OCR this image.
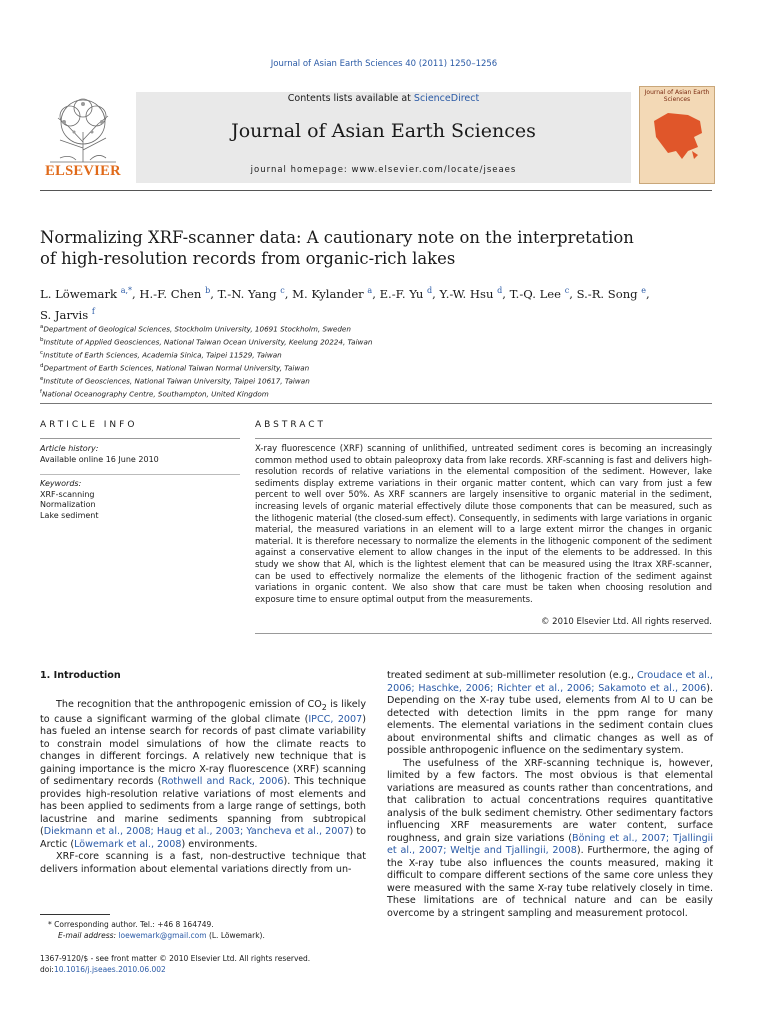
Journal of Asian Earth Sciences 40 (2011) 1250–1256
ELSEVIER
Contents lists available at ScienceDirect
Journal of Asian Earth Sciences
journal homepage: www.elsevier.com/locate/jseaes
Journal of Asian Earth Sciences
Normalizing XRF-scanner data: A cautionary note on the interpretation
of high-resolution records from organic-rich lakes
L. Löwemark $^{a,*}$, H.-F. Chen $^b$, T.-N. Yang $^c$, M. Kylander $^a$, E.-F. Yu $^d$, Y.-W. Hsu $^d$, T.-Q. Lee $^c$, S.-R. Song $^e$,
S. Jarvis $^f$
$^a$Department of Geological Sciences, Stockholm University, 10691 Stockholm, Sweden
$^b$Institute of Applied Geosciences, National Taiwan Ocean University, Keelung 20224, Taiwan
$^c$Institute of Earth Sciences, Academia Sinica, Taipei 11529, Taiwan
$^d$Department of Earth Sciences, National Taiwan Normal University, Taiwan
$^e$Institute of Geosciences, National Taiwan University, Taipei 10617, Taiwan
$^f$National Oceanography Centre, Southampton, United Kingdom
ARTICLE INFO	ABSTRACT
Article history:
Available online 16 June 2010
Keywords:
XRF-scanning
Normalization
Lake sediment
X-ray fluorescence (XRF) scanning of unlithified, untreated sediment cores is becoming an increasingly common method used to obtain paleoproxy data from lake records. XRF-scanning is fast and delivers high-resolution records of relative variations in the elemental composition of the sediment. However, lake sediments display extreme variations in their organic matter content, which can vary from just a few percent to well over 50%. As XRF scanners are largely insensitive to organic material in the sediment, increasing levels of organic material effectively dilute those components that can be measured, such as the lithogenic material (the closed-sum effect). Consequently, in sediments with large variations in organic material, the measured variations in an element will to a large extent mirror the changes in organic material. It is therefore necessary to normalize the elements in the lithogenic component of the sediment against a conservative element to allow changes in the input of the elements to be addressed. In this study we show that Al, which is the lightest element that can be measured using the Itrax XRF-scanner, can be used to effectively normalize the elements of the lithogenic fraction of the sediment against variations in organic content. We also show that care must be taken when choosing resolution and exposure time to ensure optimal output from the measurements.
© 2010 Elsevier Ltd. All rights reserved.
1. Introduction

The recognition that the anthropogenic emission of $CO_2$ is likely to cause a significant warming of the global climate (IPCC, 2007) has fueled an intense search for records of past climate variability to constrain model simulations of how the climate reacts to changes in different forcings. A relatively new technique that is gaining importance is the micro X-ray fluorescence (XRF) scanning of sedimentary records (Rothwell and Rack, 2006). This technique provides high-resolution relative variations of most elements and has been applied to sediments from a large range of settings, both lacustrine and marine sediments spanning from subtropical (Diekmann et al., 2008; Haug et al., 2003; Yancheva et al., 2007) to Arctic (Löwemark et al., 2008) environments.

XRF-core scanning is a fast, non-destructive technique that delivers information about elemental variations directly from un-

* Corresponding author. Tel.: +46 8 164749.
E-mail address: loewemark@gmail.com (L. Löwemark).
1367-9120/$ - see front matter © 2010 Elsevier Ltd. All rights reserved.
doi:10.1016/j.jseaes.2010.06.002

treated sediment at sub-millimeter resolution (e.g., Croudace et al., 2006; Haschke, 2006; Richter et al., 2006; Sakamoto et al., 2006). Depending on the X-ray tube used, elements from Al to U can be detected with detection limits in the ppm range for many elements. The elemental variations in the sediment contain clues about environmental shifts and climatic changes as well as of possible anthropogenic influence on the sedimentary system.

The usefulness of the XRF-scanning technique is, however, limited by a few factors. The most obvious is that elemental variations are measured as counts rather than concentrations, and that calibration to actual concentrations requires quantitative analysis of the bulk sediment chemistry. Other sedimentary factors influencing XRF measurements are water content, surface roughness, and grain size variations (Böning et al., 2007; Tjallingii et al., 2007; Weltje and Tjallingii, 2008). Furthermore, the aging of the X-ray tube also influences the counts measured, making it difficult to compare different sections of the same core unless they were measured with the same X-ray tube relatively closely in time. These limitations are of technical nature and can be easily overcome by a stringent sampling and measurement protocol.
